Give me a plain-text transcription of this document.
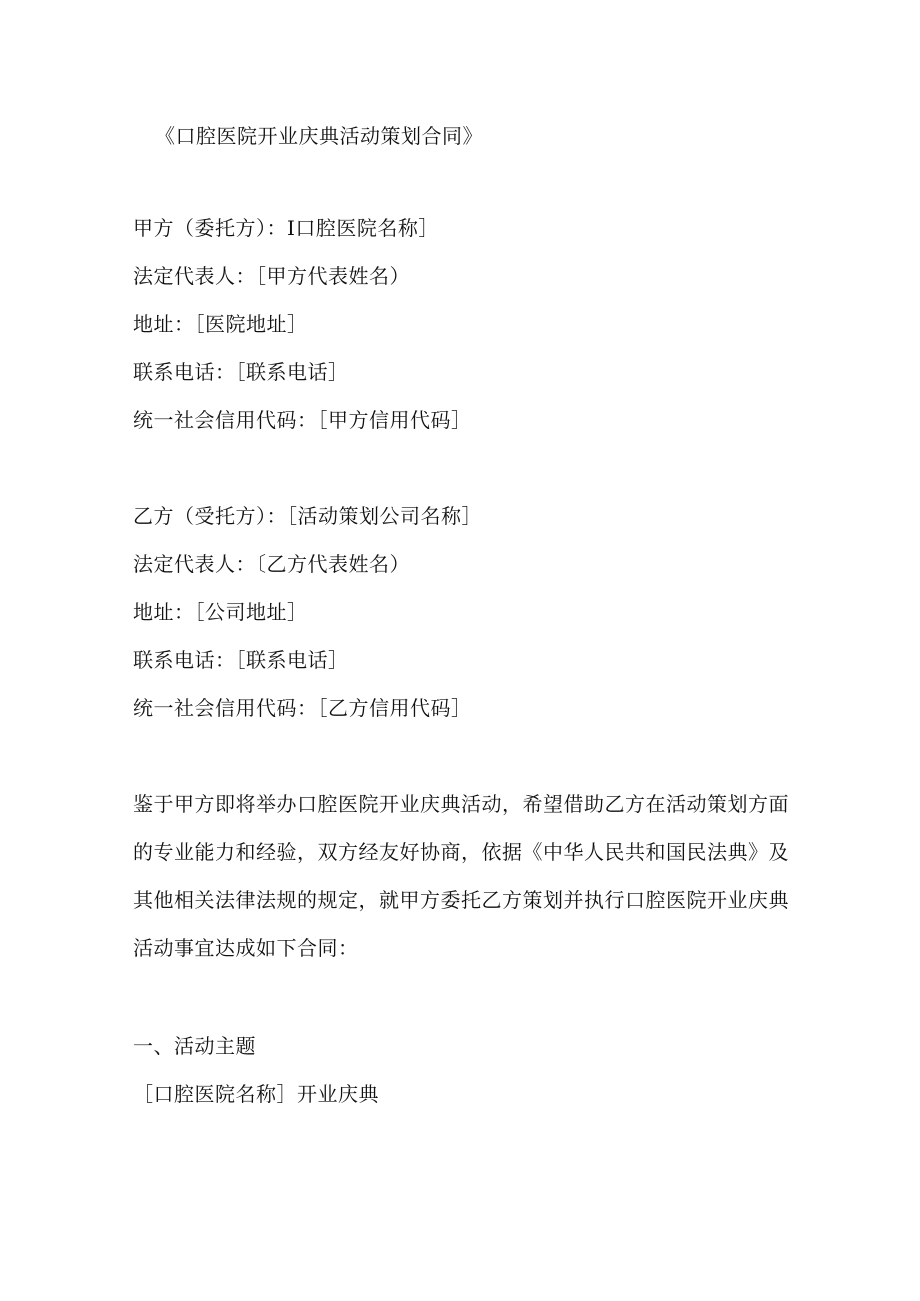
《口腔医院开业庆典活动策划合同》
甲方（委托方）：I口腔医院名称］
法定代表人：［甲方代表姓名）
地址：［医院地址］
联系电话：［联系电话］
统一社会信用代码：［甲方信用代码］
乙方（受托方）：［活动策划公司名称］
法定代表人：〔乙方代表姓名）
地址：［公司地址］
联系电话：［联系电话］
统一社会信用代码：［乙方信用代码］

鉴于甲方即将举办口腔医院开业庆典活动，希望借助乙方在活动策划方面

的专业能力和经验，双方经友好协商，依据《中华人民共和国民法典》及

其他相关法律法规的规定，就甲方委托乙方策划并执行口腔医院开业庆典

活动事宜达成如下合同：

一、活动主题
［口腔医院名称］开业庆典
